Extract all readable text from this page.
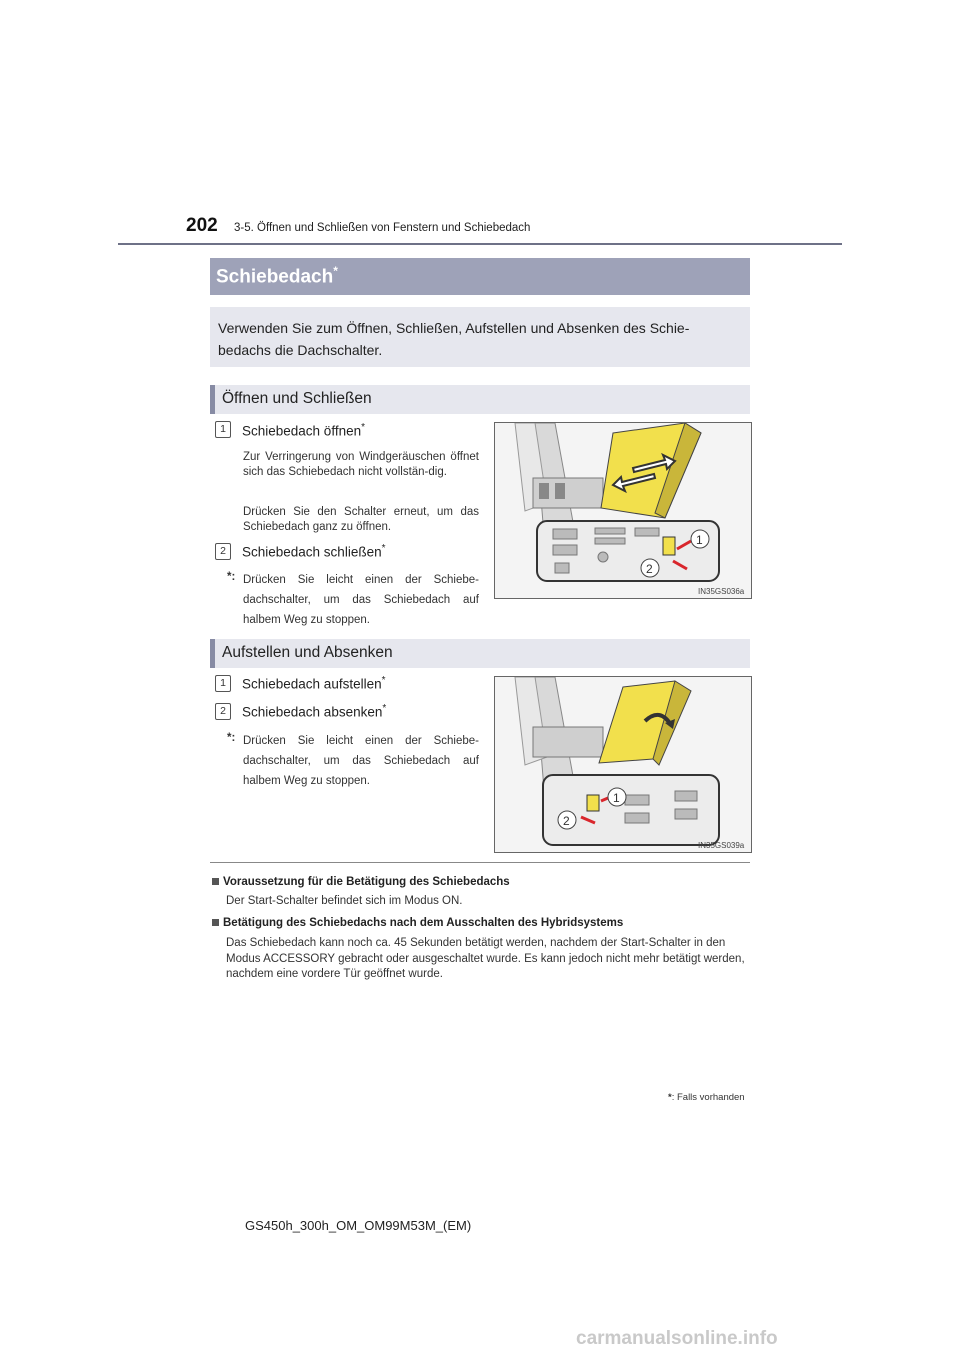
202 3-5. Öffnen und Schließen von Fenstern und Schiebedach
Schiebedach*
Verwenden Sie zum Öffnen, Schließen, Aufstellen und Absenken des Schie-bedachs die Dachschalter.
Öffnen und Schließen
1	Schiebedach öffnen*
Zur Verringerung von Windgeräuschen öffnet sich das Schiebedach nicht vollstän-dig.
Drücken Sie den Schalter erneut, um das Schiebedach ganz zu öffnen.
2	Schiebedach schließen*
*: Drücken Sie leicht einen der Schiebe-dachschalter, um das Schiebedach auf halbem Weg zu stoppen.
1
2
IN35GS036a
Aufstellen und Absenken
1	Schiebedach aufstellen*
2	Schiebedach absenken*
*: Drücken Sie leicht einen der Schiebe-dachschalter, um das Schiebedach auf halbem Weg zu stoppen.
1
2
IN35GS039a
Voraussetzung für die Betätigung des Schiebedachs
Der Start-Schalter befindet sich im Modus ON.
Betätigung des Schiebedachs nach dem Ausschalten des Hybridsystems
Das Schiebedach kann noch ca. 45 Sekunden betätigt werden, nachdem der Start-Schalter in den Modus ACCESSORY gebracht oder ausgeschaltet wurde. Es kann jedoch nicht mehr betätigt werden, nachdem eine vordere Tür geöffnet wurde.
*: Falls vorhanden
GS450h_300h_OM_OM99M53M_(EM)
carmanualsonline.info
